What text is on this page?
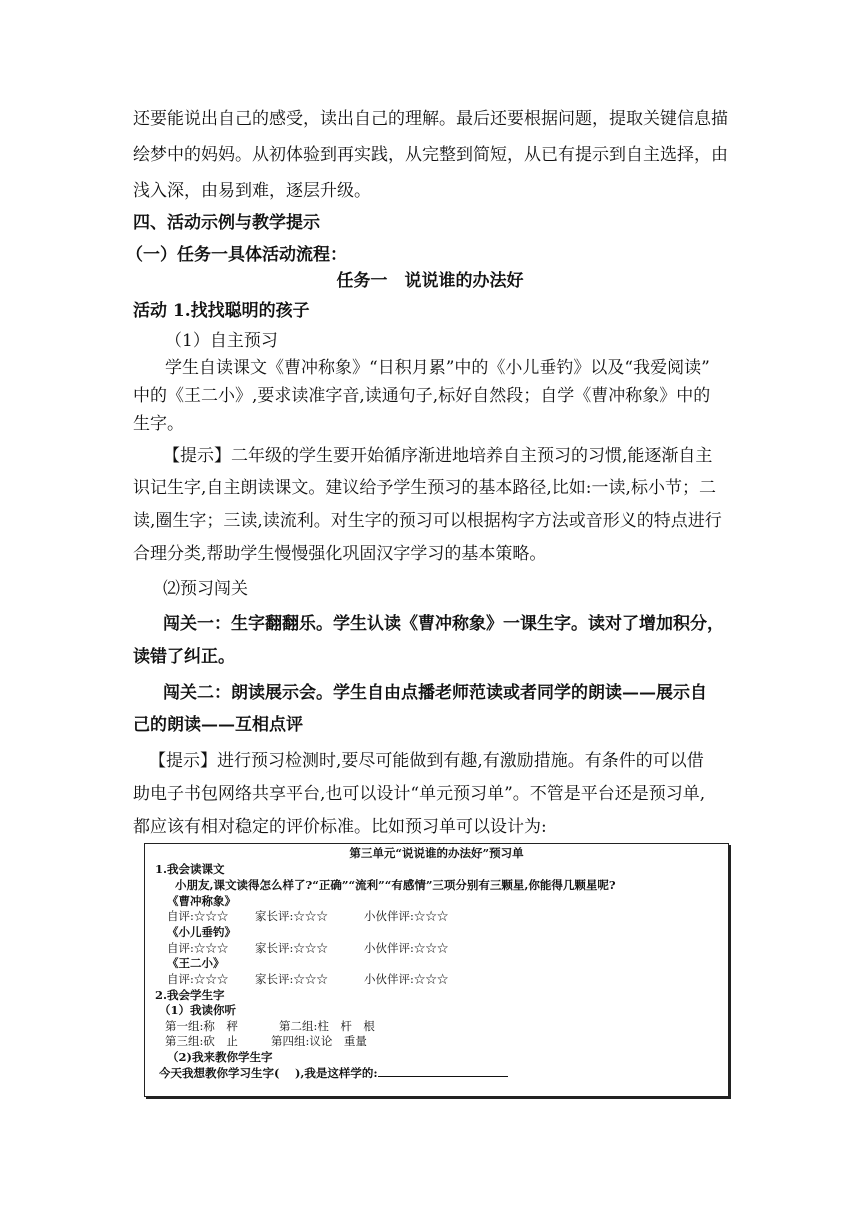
还要能说出自己的感受，读出自己的理解。最后还要根据问题，提取关键信息描
绘梦中的妈妈。从初体验到再实践，从完整到简短，从已有提示到自主选择，由
浅入深，由易到难，逐层升级。
四、活动示例与教学提示
（一）任务一具体活动流程：
任务一　说说谁的办法好
活动 1.找找聪明的孩子
（1）自主预习
学生自读课文《曹冲称象》“日积月累”中的《小儿垂钓》以及“我爱阅读”
中的《王二小》,要求读准字音,读通句子,标好自然段；自学《曹冲称象》中的
生字。
【提示】二年级的学生要开始循序渐进地培养自主预习的习惯,能逐渐自主
识记生字,自主朗读课文。建议给予学生预习的基本路径,比如:一读,标小节；二
读,圈生字；三读,读流利。对生字的预习可以根据构字方法或音形义的特点进行
合理分类,帮助学生慢慢强化巩固汉字学习的基本策略。
⑵预习闯关
闯关一：生字翻翻乐。学生认读《曹冲称象》一课生字。读对了增加积分，
读错了纠正。
闯关二：朗读展示会。学生自由点播老师范读或者同学的朗读——展示自
己的朗读——互相点评
【提示】进行预习检测时,要尽可能做到有趣,有激励措施。有条件的可以借
助电子书包网络共享平台,也可以设计“单元预习单”。不管是平台还是预习单,
都应该有相对稳定的评价标准。比如预习单可以设计为:
第三单元“说说谁的办法好”预习单
1.我会读课文
小朋友,课文读得怎么样了?“正确”“流利”“有感情”三项分别有三颗星,你能得几颗星呢?
《曹冲称象》
自评:☆☆☆ 家长评:☆☆☆	小伙伴评:☆☆☆
《小儿垂钓》
自评:☆☆☆ 家长评:☆☆☆	小伙伴评:☆☆☆
《王二小》
自评:☆☆☆ 家长评:☆☆☆	小伙伴评:☆☆☆
2.我会学生字
（1）我读你听
第一组:称　秤	第二组:柱　杆　根
第三组:砍　止	第四组:议论　重量
（2)我来教你学生字
今天我想教你学习生字(　 ),我是这样学的:
